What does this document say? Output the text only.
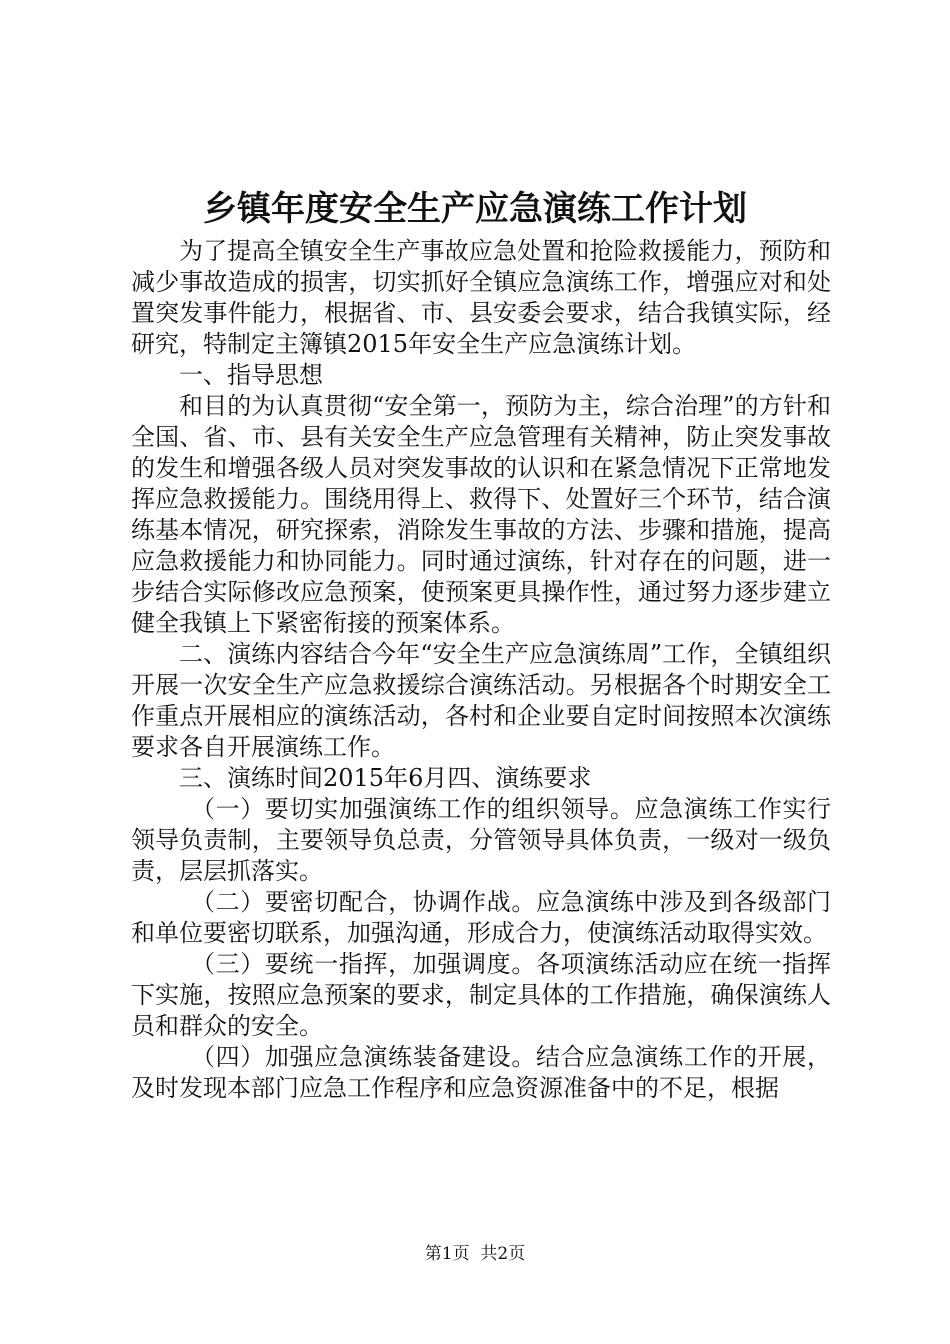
乡镇年度安全生产应急演练工作计划

为了提高全镇安全生产事故应急处置和抢险救援能力，预防和减少事故造成的损害，切实抓好全镇应急演练工作，增强应对和处置突发事件能力，根据省、市、县安委会要求，结合我镇实际，经研究，特制定主簿镇2015年安全生产应急演练计划。

一、指导思想

和目的为认真贯彻“安全第一，预防为主，综合治理”的方针和全国、省、市、县有关安全生产应急管理有关精神，防止突发事故的发生和增强各级人员对突发事故的认识和在紧急情况下正常地发挥应急救援能力。围绕用得上、救得下、处置好三个环节，结合演练基本情况，研究探索，消除发生事故的方法、步骤和措施，提高应急救援能力和协同能力。同时通过演练，针对存在的问题，进一步结合实际修改应急预案，使预案更具操作性，通过努力逐步建立健全我镇上下紧密衔接的预案体系。

二、演练内容结合今年“安全生产应急演练周”工作，全镇组织开展一次安全生产应急救援综合演练活动。另根据各个时期安全工作重点开展相应的演练活动，各村和企业要自定时间按照本次演练要求各自开展演练工作。

三、演练时间2015年6月四、演练要求

（一）要切实加强演练工作的组织领导。应急演练工作实行领导负责制，主要领导负总责，分管领导具体负责，一级对一级负责，层层抓落实。

（二）要密切配合，协调作战。应急演练中涉及到各级部门和单位要密切联系，加强沟通，形成合力，使演练活动取得实效。

（三）要统一指挥，加强调度。各项演练活动应在统一指挥下实施，按照应急预案的要求，制定具体的工作措施，确保演练人员和群众的安全。

（四）加强应急演练装备建设。结合应急演练工作的开展，及时发现本部门应急工作程序和应急资源准备中的不足，根据

第1页 共2页
